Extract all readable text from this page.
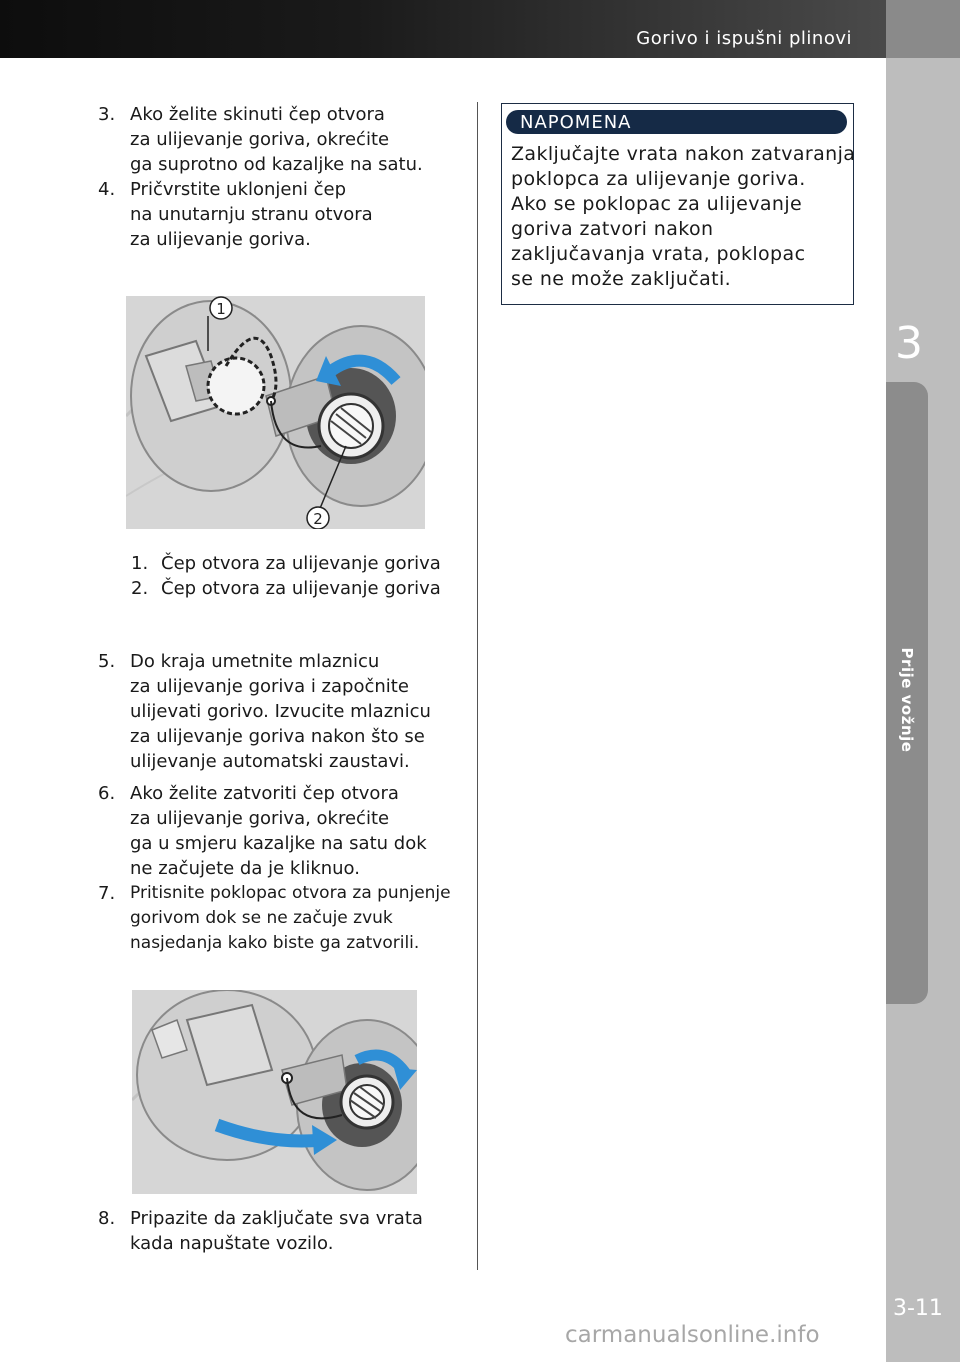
Gorivo i ispušni plinovi
3
Prije vožnje
3-11
carmanualsonline.info
3. Ako želite skinuti čep otvora
za ulijevanje goriva, okrećite
ga suprotno od kazaljke na satu.
4. Pričvrstite uklonjeni čep
na unutarnju stranu otvora
za ulijevanje goriva.
1
2
1. Čep otvora za ulijevanje goriva
2. Čep otvora za ulijevanje goriva
5. Do kraja umetnite mlaznicu
za ulijevanje goriva i započnite
ulijevati gorivo. Izvucite mlaznicu
za ulijevanje goriva nakon što se
ulijevanje automatski zaustavi.
6. Ako želite zatvoriti čep otvora
za ulijevanje goriva, okrećite
ga u smjeru kazaljke na satu dok
ne začujete da je kliknuo.
7. Pritisnite poklopac otvora za punjenje
gorivom dok se ne začuje zvuk
nasjedanja kako biste ga zatvorili.
8. Pripazite da zaključate sva vrata
kada napuštate vozilo.
NAPOMENA
Zaključajte vrata nakon zatvaranja
poklopca za ulijevanje goriva.
Ako se poklopac za ulijevanje
goriva zatvori nakon
zaključavanja vrata, poklopac
se ne može zaključati.
